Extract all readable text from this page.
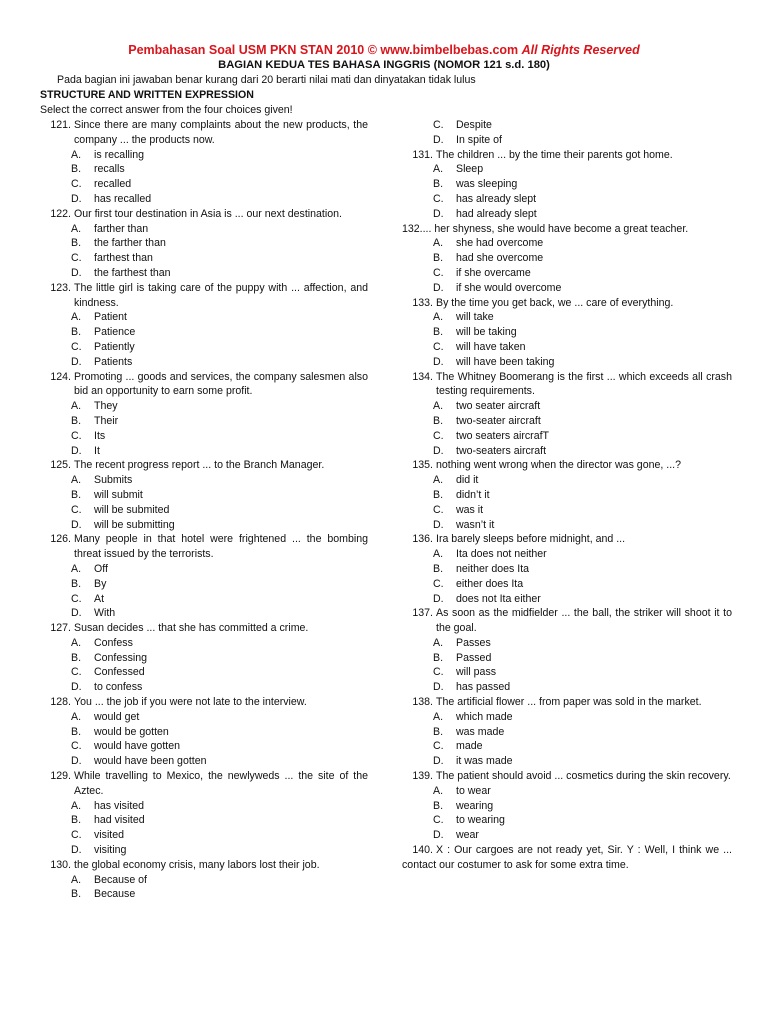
Pembahasan Soal USM PKN STAN 2010 © www.bimbelbebas.com All Rights Reserved
BAGIAN KEDUA TES BAHASA INGGRIS (NOMOR 121 s.d. 180)
Pada bagian ini jawaban benar kurang dari 20 berarti nilai mati dan dinyatakan tidak lulus
STRUCTURE AND WRITTEN EXPRESSION
Select the correct answer from the four choices given!
121. Since there are many complaints about the new products, the company ... the products now.
A.	is recalling
B.	recalls
C.	recalled
D.	has recalled
122. Our first tour destination in Asia is ... our next destination.
A.	farther than
B.	the farther than
C.	farthest than
D.	the farthest than
123. The little girl is taking care of the puppy with ... affection, and kindness.
A.	Patient
B.	Patience
C.	Patiently
D.	Patients
124. Promoting ... goods and services, the company salesmen also bid an opportunity to earn some profit.
A.	They
B.	Their
C.	Its
D.	It
125. The recent progress report ... to the Branch Manager.
A.	Submits
B.	will submit
C.	will be submited
D.	will be submitting
126. Many people in that hotel were frightened ... the bombing threat issued by the terrorists.
A.	Off
B.	By
C.	At
D.	With
127. Susan decides ... that she has committed a crime.
A.	Confess
B.	Confessing
C.	Confessed
D.	to confess
128. You ... the job if you were not late to the interview.
A.	would get
B.	would be gotten
C.	would have gotten
D.	would have been gotten
129. While travelling to Mexico, the newlyweds ... the site of the Aztec.
A.	has visited
B.	had visited
C.	visited
D.	visiting
130. the global economy crisis, many labors lost their job.
A.	Because of
B.	Because
C.	Despite
D.	In spite of
131. The children ... by the time their parents got home.
A.	Sleep
B.	was sleeping
C.	has already slept
D.	had already slept
132.... her shyness, she would have become a great teacher.
A.	she had overcome
B.	had she overcome
C.	if she overcame
D.	if she would overcome
133. By the time you get back, we ... care of everything.
A.	will take
B.	will be taking
C.	will have taken
D.	will have been taking
134. The Whitney Boomerang is the first ... which exceeds all crash testing requirements.
A.	two seater aircraft
B.	two-seater aircraft
C.	two seaters aircrafT
D.	two-seaters aircraft
135. nothing went wrong when the director was gone, ...?
A.	did it
B.	didn’t it
C.	was it
D.	wasn’t it
136. Ira barely sleeps before midnight, and ...
A.	Ita does not neither
B.	neither does Ita
C.	either does Ita
D.	does not Ita either
137. As soon as the midfielder ... the ball, the striker will shoot it to the goal.
A.	Passes
B.	Passed
C.	will pass
D.	has passed
138. The artificial flower ... from paper was sold in the market.
A.	which made
B.	was made
C.	made
D.	it was made
139. The patient should avoid ... cosmetics during the skin recovery.
A.	to wear
B.	wearing
C.	to wearing
D.	wear
140. X : Our cargoes are not ready yet, Sir. Y : Well, I think we ... contact our costumer to ask for some extra time.
